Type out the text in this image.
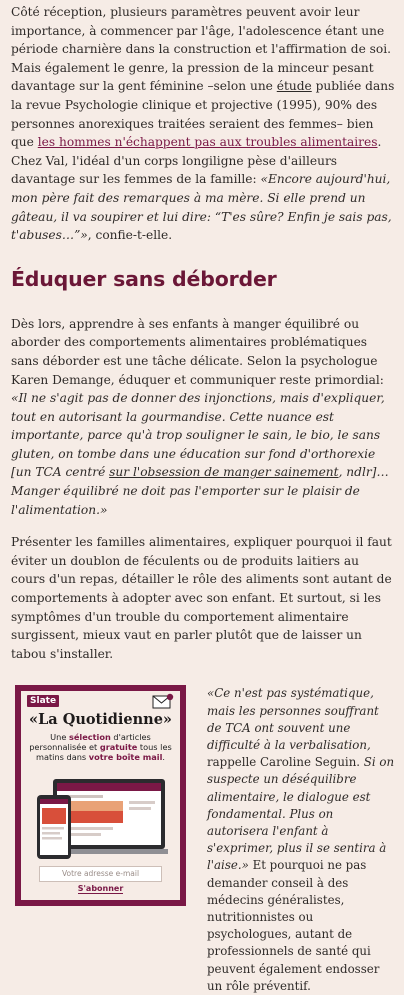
Côté réception, plusieurs paramètres peuvent avoir leur importance, à commencer par l'âge, l'adolescence étant une période charnière dans la construction et l'affirmation de soi. Mais également le genre, la pression de la minceur pesant davantage sur la gent féminine –selon une étude publiée dans la revue Psychologie clinique et projective (1995), 90% des personnes anorexiques traitées seraient des femmes– bien que les hommes n'échappent pas aux troubles alimentaires. Chez Val, l'idéal d'un corps longiligne pèse d'ailleurs davantage sur les femmes de la famille: «Encore aujourd'hui, mon père fait des remarques à ma mère. Si elle prend un gâteau, il va soupirer et lui dire: “T'es sûre? Enfin je sais pas, t'abuses…”», confie-t-elle.

Éduquer sans déborder

Dès lors, apprendre à ses enfants à manger équilibré ou aborder des comportements alimentaires problématiques sans déborder est une tâche délicate. Selon la psychologue Karen Demange, éduquer et communiquer reste primordial: «Il ne s'agit pas de donner des injonctions, mais d'expliquer, tout en autorisant la gourmandise. Cette nuance est importante, parce qu'à trop souligner le sain, le bio, le sans gluten, on tombe dans une éducation sur fond d'orthorexie [un TCA centré sur l'obsession de manger sainement, ndlr]… Manger équilibré ne doit pas l'emporter sur le plaisir de l'alimentation.»

Présenter les familles alimentaires, expliquer pourquoi il faut éviter un doublon de féculents ou de produits laitiers au cours d'un repas, détailler le rôle des aliments sont autant de comportements à adopter avec son enfant. Et surtout, si les symptômes d'un trouble du comportement alimentaire surgissent, mieux vaut en parler plutôt que de laisser un tabou s'installer.

Slate
«La Quotidienne»
Une sélection d'articles personnalisée et gratuite tous les matins dans votre boîte mail.
Votre adresse e-mail
S'abonner

«Ce n'est pas systématique, mais les personnes souffrant de TCA ont souvent une difficulté à la verbalisation, rappelle Caroline Seguin. Si on suspecte un déséquilibre alimentaire, le dialogue est fondamental. Plus on autorisera l'enfant à s'exprimer, plus il se sentira à l'aise.» Et pourquoi ne pas demander conseil à des médecins généralistes, nutritionnistes ou psychologues, autant de professionnels de santé qui peuvent également endosser un rôle préventif.
